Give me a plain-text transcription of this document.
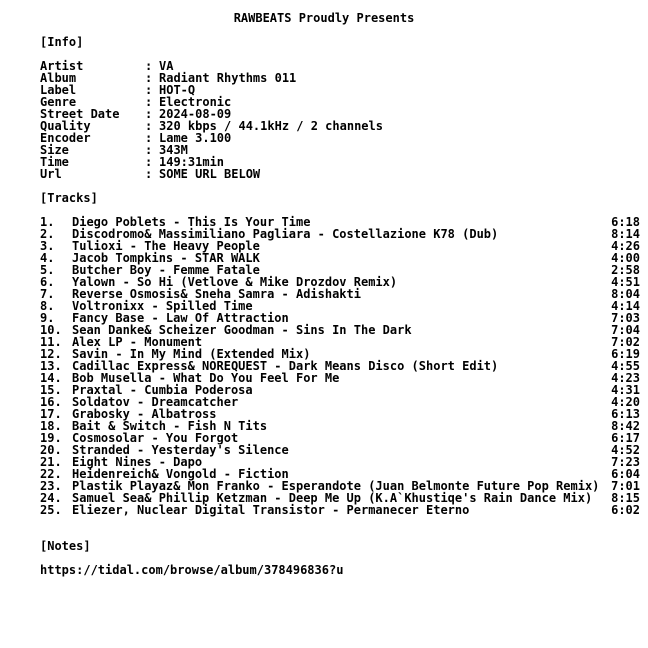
RAWBEATS Proudly Presents
[Info]
Artist	: VA
Album	: Radiant Rhythms 011
Label	: HOT-Q
Genre	: Electronic
Street Date	: 2024-08-09
Quality	: 320 kbps / 44.1kHz / 2 channels
Encoder	: Lame 3.100
Size	: 343M
Time	: 149:31min
Url	: SOME URL BELOW
[Tracks]
1.	Diego Poblets - This Is Your Time	6:18
2.	Discodromo& Massimiliano Pagliara - Costellazione K78 (Dub)	8:14
3.	Tulioxi - The Heavy People	4:26
4.	Jacob Tompkins - STAR WALK	4:00
5.	Butcher Boy - Femme Fatale	2:58
6.	Yalown - So Hi (Vetlove & Mike Drozdov Remix)	4:51
7.	Reverse Osmosis& Sneha Samra - Adishakti	8:04
8.	Voltronixx - Spilled Time	4:14
9.	Fancy Base - Law Of Attraction	7:03
10. Sean Danke& Scheizer Goodman - Sins In The Dark	7:04
11. Alex LP - Monument	7:02
12. Savin - In My Mind (Extended Mix)	6:19
13. Cadillac Express& NOREQUEST - Dark Means Disco (Short Edit)	4:55
14. Bob Musella - What Do You Feel For Me	4:23
15. Praxtal - Cumbia Poderosa	4:31
16. Soldatov - Dreamcatcher	4:20
17. Grabosky - Albatross	6:13
18. Bait & Switch - Fish N Tits	8:42
19. Cosmosolar - You Forgot	6:17
20. Stranded - Yesterday's Silence	4:52
21. Eight Nines - Dapo	7:23
22. Heidenreich& Vongold - Fiction	6:04
23. Plastik Playaz& Mon Franko - Esperandote (Juan Belmonte Future Pop Remix) 7:01
24. Samuel Sea& Phillip Ketzman - Deep Me Up (K.A`Khustiqe's Rain Dance Mix)	8:15
25. Eliezer, Nuclear Digital Transistor - Permanecer Eterno	6:02
[Notes]
https://tidal.com/browse/album/378496836?u
